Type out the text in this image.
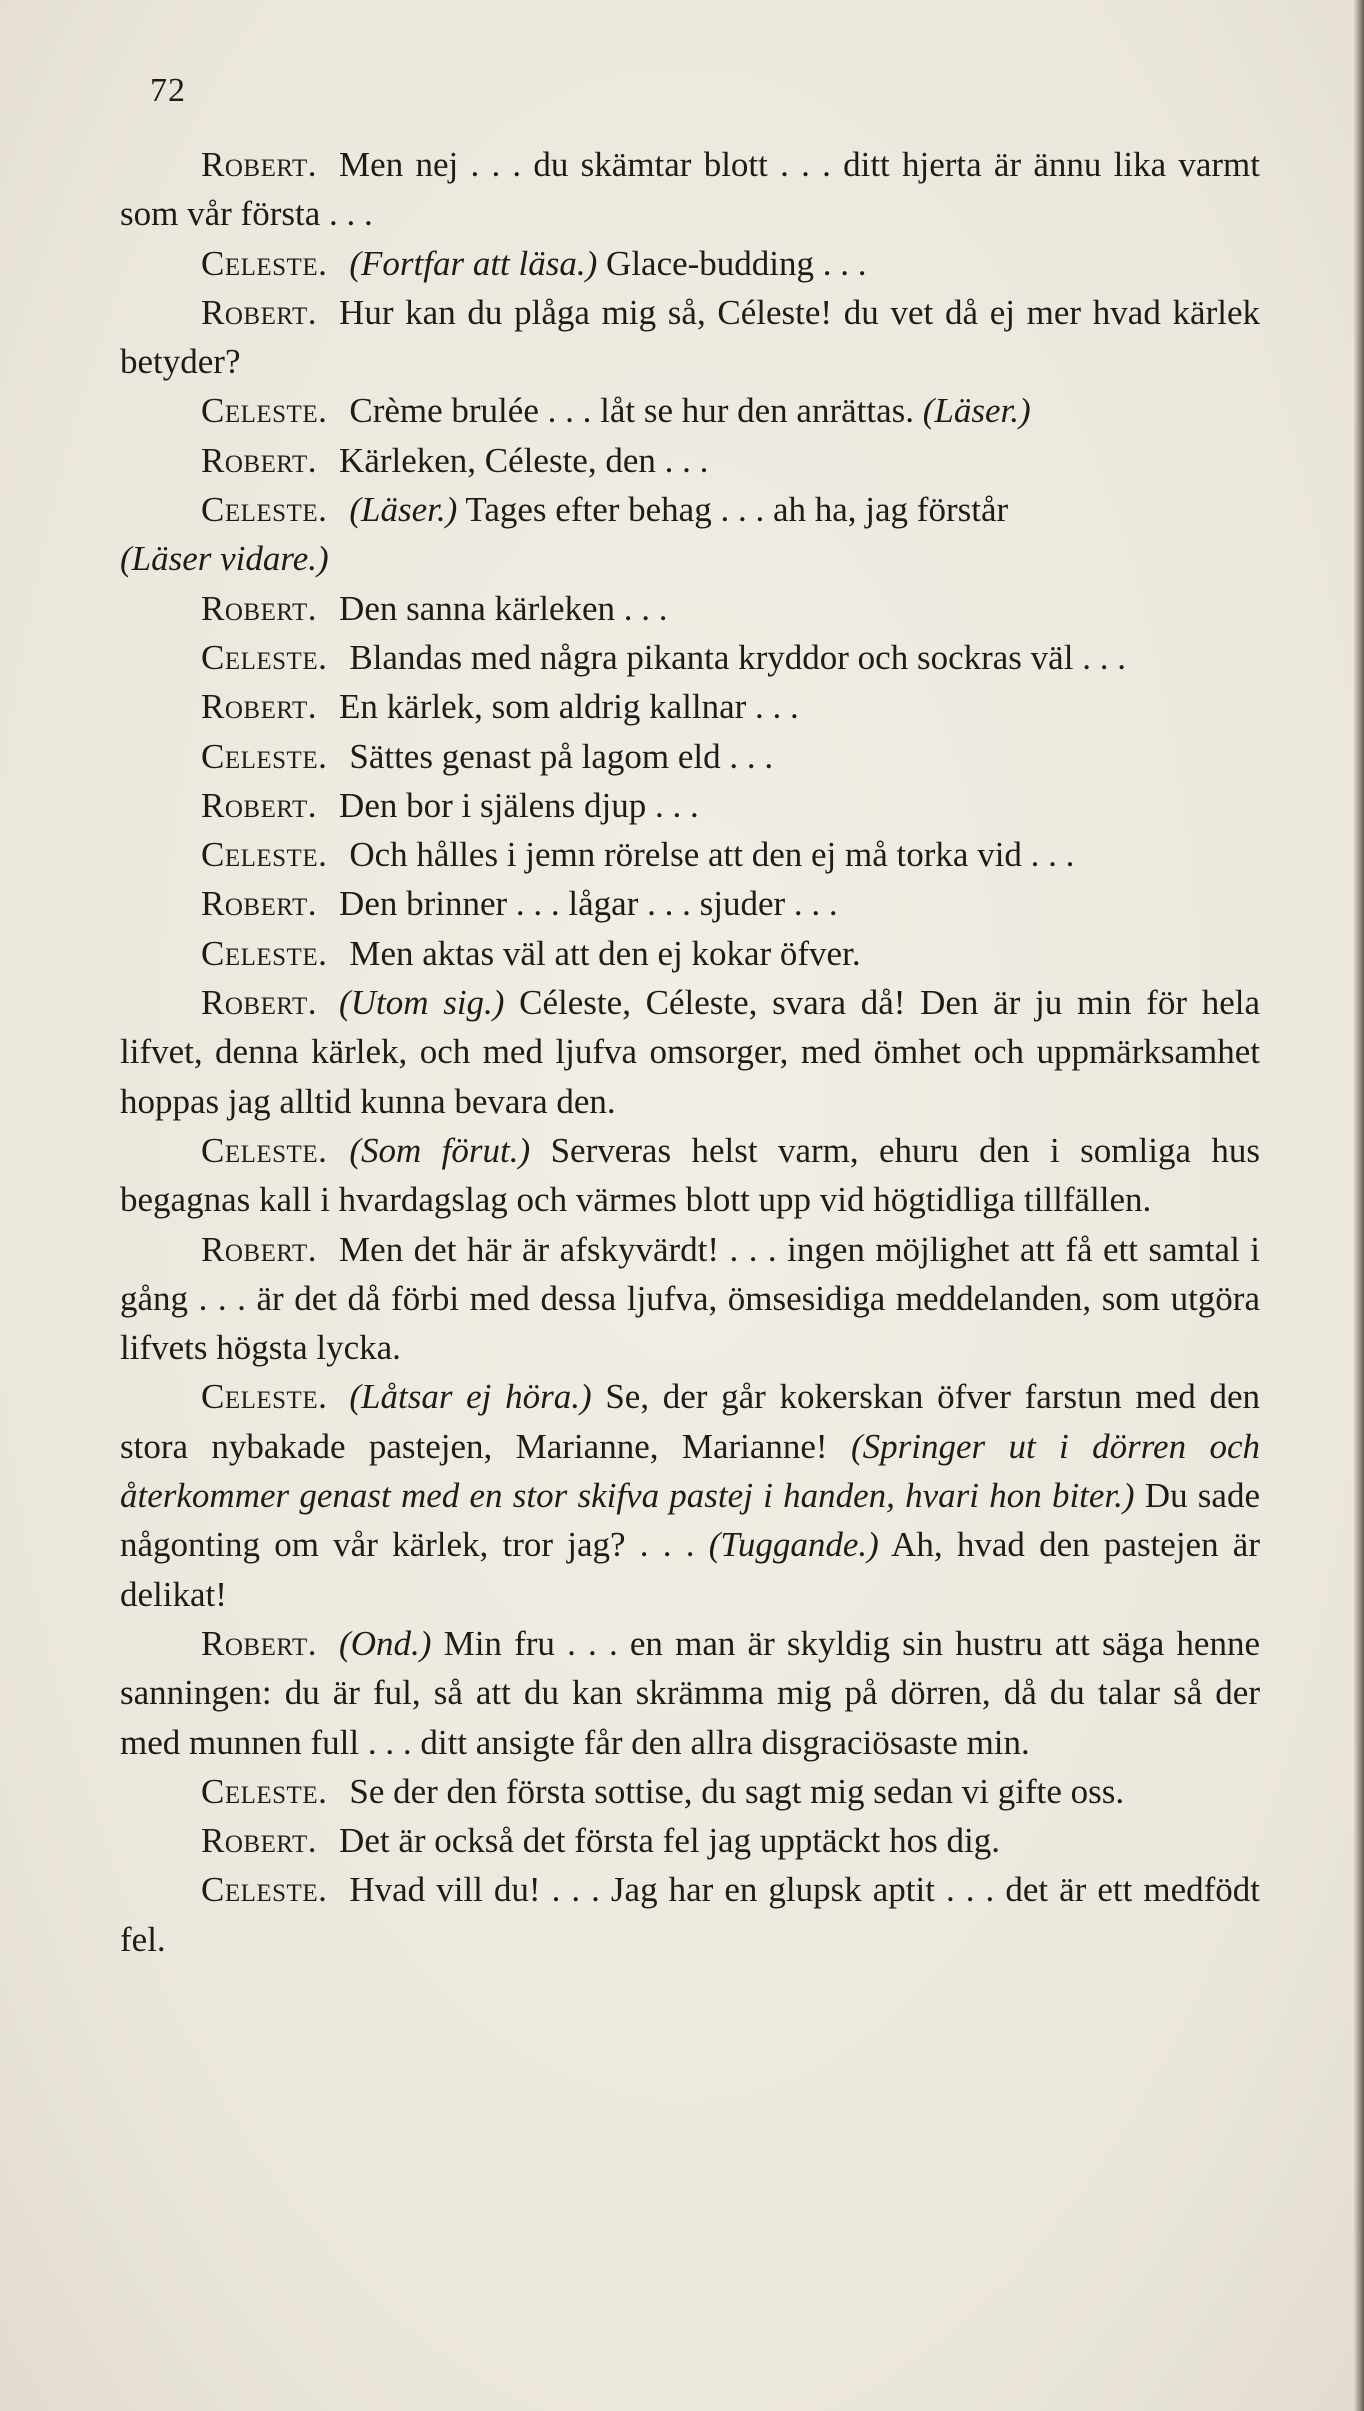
72

Robert. Men nej . . . du skämtar blott . . . ditt hjerta är ännu lika varmt som vår första . . .

Celeste. (Fortfar att läsa.) Glace-budding . . .

Robert. Hur kan du plåga mig så, Céleste! du vet då ej mer hvad kärlek betyder?

Celeste. Crème brulée . . . låt se hur den anrättas. (Läser.)

Robert. Kärleken, Céleste, den . . .

Celeste. (Läser.) Tages efter behag . . . ah ha, jag förstår

(Läser vidare.)

Robert. Den sanna kärleken . . .

Celeste. Blandas med några pikanta kryddor och sockras väl . . .

Robert. En kärlek, som aldrig kallnar . . .

Celeste. Sättes genast på lagom eld . . .

Robert. Den bor i själens djup . . .

Celeste. Och hålles i jemn rörelse att den ej må torka vid . . .

Robert. Den brinner . . . lågar . . . sjuder . . .

Celeste. Men aktas väl att den ej kokar öfver.

Robert. (Utom sig.) Céleste, Céleste, svara då! Den är ju min för hela lifvet, denna kärlek, och med ljufva omsorger, med ömhet och uppmärksamhet hoppas jag alltid kunna bevara den.

Celeste. (Som förut.) Serveras helst varm, ehuru den i somliga hus begagnas kall i hvardagslag och värmes blott upp vid högtidliga tillfällen.

Robert. Men det här är afskyvärdt! . . . ingen möjlighet att få ett samtal i gång . . . är det då förbi med dessa ljufva, ömsesidiga meddelanden, som utgöra lifvets högsta lycka.

Celeste. (Låtsar ej höra.) Se, der går kokerskan öfver farstun med den stora nybakade pastejen, Marianne, Marianne! (Springer ut i dörren och återkommer genast med en stor skifva pastej i handen, hvari hon biter.) Du sade någonting om vår kärlek, tror jag? . . . (Tuggande.) Ah, hvad den pastejen är delikat!

Robert. (Ond.) Min fru . . . en man är skyldig sin hustru att säga henne sanningen: du är ful, så att du kan skrämma mig på dörren, då du talar så der med munnen full . . . ditt ansigte får den allra disgraciösaste min.

Celeste. Se der den första sottise, du sagt mig sedan vi gifte oss.

Robert. Det är också det första fel jag upptäckt hos dig.

Celeste. Hvad vill du! . . . Jag har en glupsk aptit . . . det är ett medfödt fel.
